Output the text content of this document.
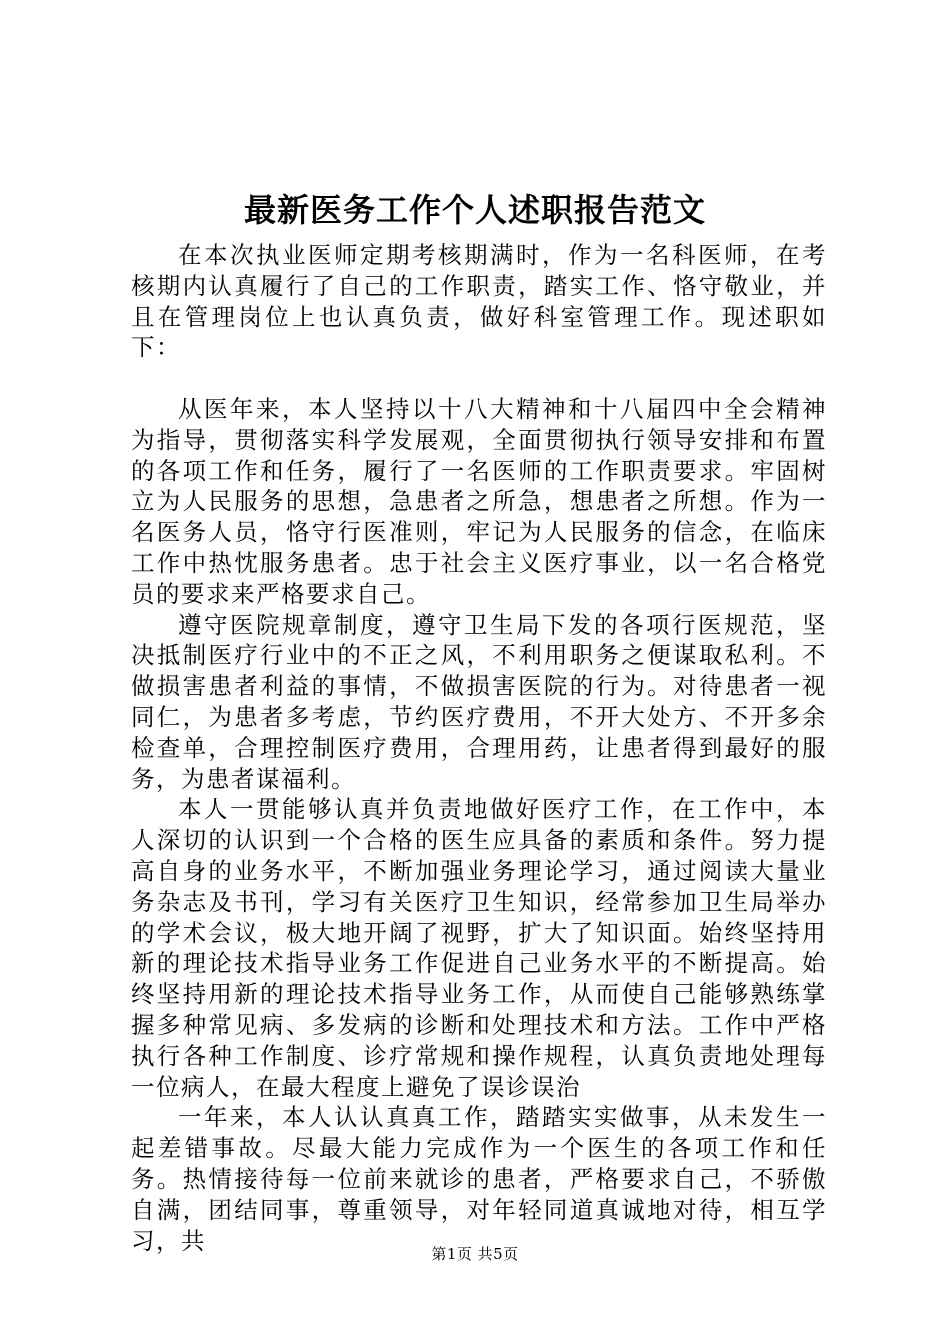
最新医务工作个人述职报告范文

在本次执业医师定期考核期满时，作为一名科医师，在考核期内认真履行了自己的工作职责，踏实工作、恪守敬业，并且在管理岗位上也认真负责，做好科室管理工作。现述职如下：

从医年来，本人坚持以十八大精神和十八届四中全会精神为指导，贯彻落实科学发展观，全面贯彻执行领导安排和布置的各项工作和任务，履行了一名医师的工作职责要求。牢固树立为人民服务的思想，急患者之所急，想患者之所想。作为一名医务人员，恪守行医准则，牢记为人民服务的信念，在临床工作中热忱服务患者。忠于社会主义医疗事业，以一名合格党员的要求来严格要求自己。

遵守医院规章制度，遵守卫生局下发的各项行医规范，坚决抵制医疗行业中的不正之风，不利用职务之便谋取私利。不做损害患者利益的事情，不做损害医院的行为。对待患者一视同仁，为患者多考虑，节约医疗费用，不开大处方、不开多余检查单，合理控制医疗费用，合理用药，让患者得到最好的服务，为患者谋福利。

本人一贯能够认真并负责地做好医疗工作，在工作中，本人深切的认识到一个合格的医生应具备的素质和条件。努力提高自身的业务水平，不断加强业务理论学习，通过阅读大量业务杂志及书刊，学习有关医疗卫生知识，经常参加卫生局举办的学术会议，极大地开阔了视野，扩大了知识面。始终坚持用新的理论技术指导业务工作促进自己业务水平的不断提高。始终坚持用新的理论技术指导业务工作，从而使自己能够熟练掌握多种常见病、多发病的诊断和处理技术和方法。工作中严格执行各种工作制度、诊疗常规和操作规程，认真负责地处理每一位病人，在最大程度上避免了误诊误治

一年来，本人认认真真工作，踏踏实实做事，从未发生一起差错事故。尽最大能力完成作为一个医生的各项工作和任务。热情接待每一位前来就诊的患者，严格要求自己，不骄傲自满，团结同事，尊重领导，对年轻同道真诚地对待，相互学习，共	第1页 共5页
